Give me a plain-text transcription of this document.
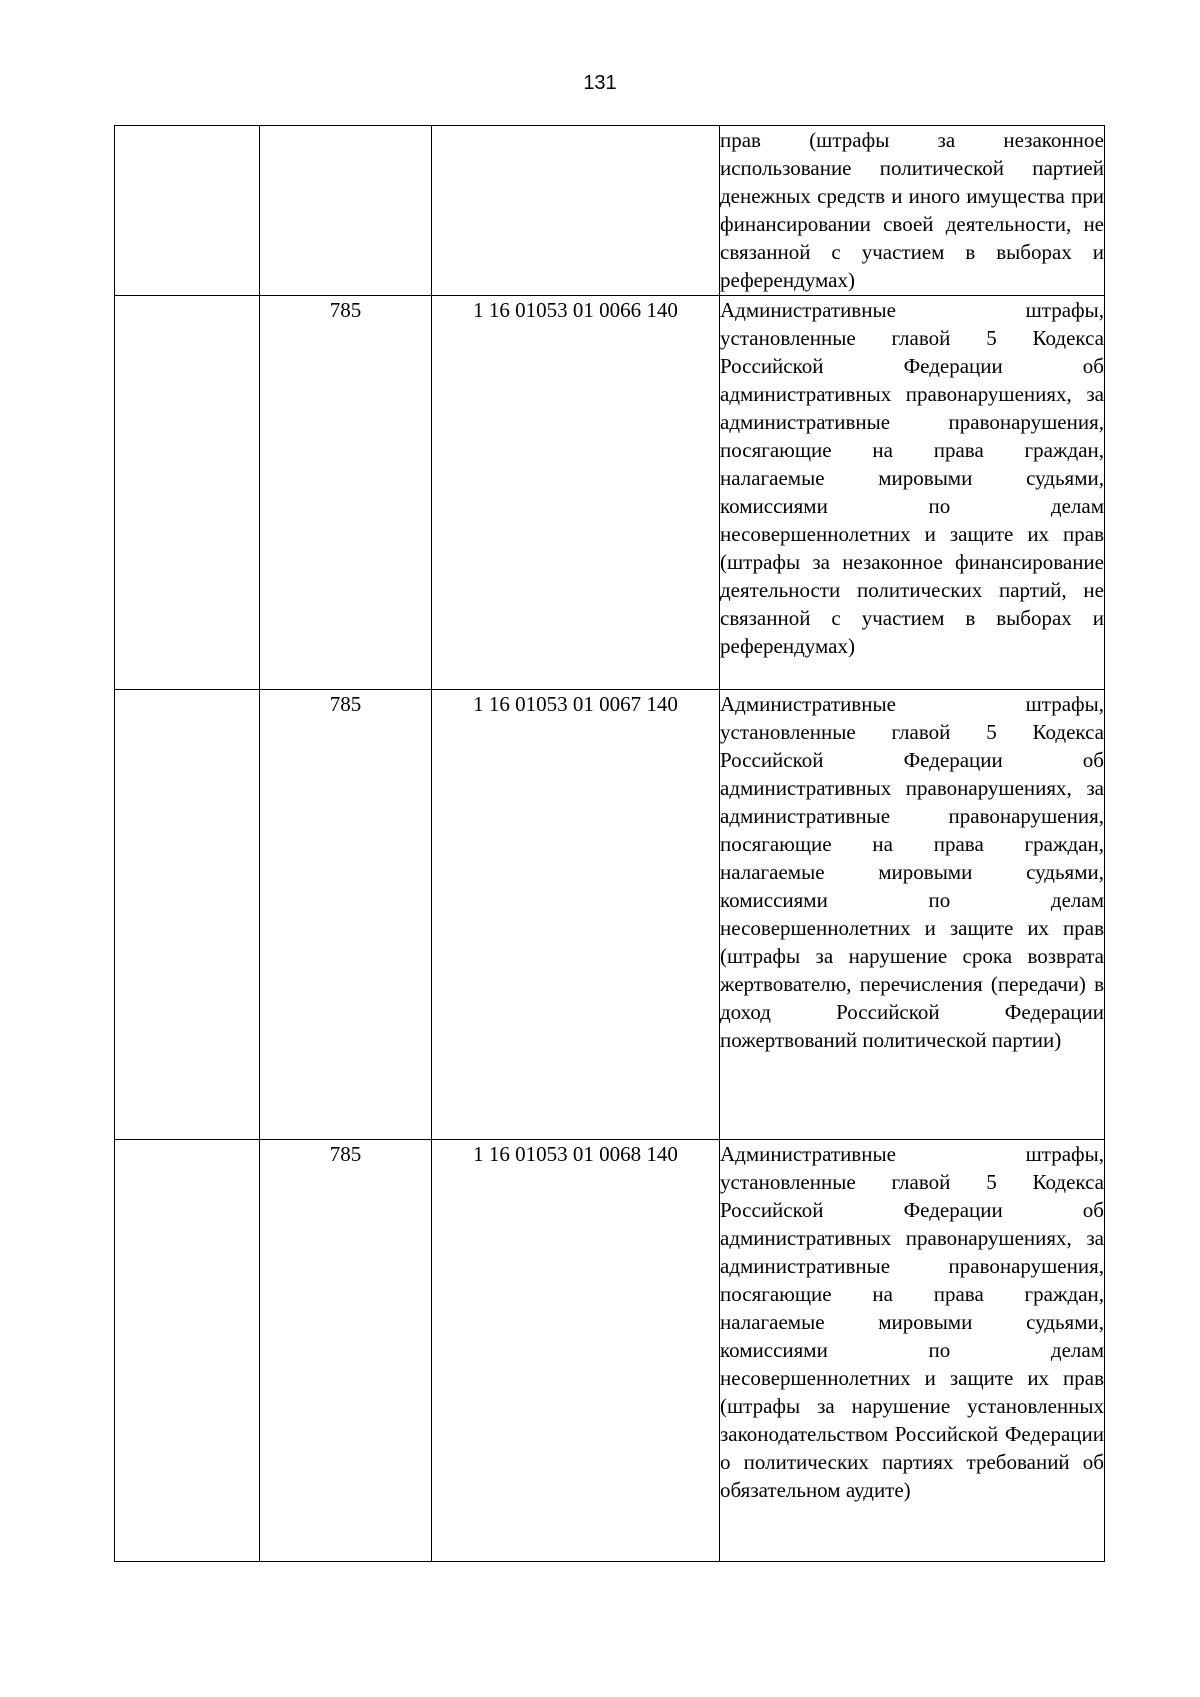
131
			прав (штрафы за незаконное использование политической партией денежных средств и иного имущества при финансировании своей деятельности, не связанной с участием в выборах и референдумах)
	785	1 16 01053 01 0066 140	Административные штрафы, установленные главой 5 Кодекса Российской Федерации об административных правонарушениях, за административные правонарушения, посягающие на права граждан, налагаемые мировыми судьями, комиссиями по делам несовершеннолетних и защите их прав (штрафы за незаконное финансирование деятельности политических партий, не связанной с участием в выборах и референдумах)
	785	1 16 01053 01 0067 140	Административные штрафы, установленные главой 5 Кодекса Российской Федерации об административных правонарушениях, за административные правонарушения, посягающие на права граждан, налагаемые мировыми судьями, комиссиями по делам несовершеннолетних и защите их прав (штрафы за нарушение срока возврата жертвователю, перечисления (передачи) в доход Российской Федерации пожертвований политической партии)
	785	1 16 01053 01 0068 140	Административные штрафы, установленные главой 5 Кодекса Российской Федерации об административных правонарушениях, за административные правонарушения, посягающие на права граждан, налагаемые мировыми судьями, комиссиями по делам несовершеннолетних и защите их прав (штрафы за нарушение установленных законодательством Российской Федерации о политических партиях требований об обязательном аудите)
